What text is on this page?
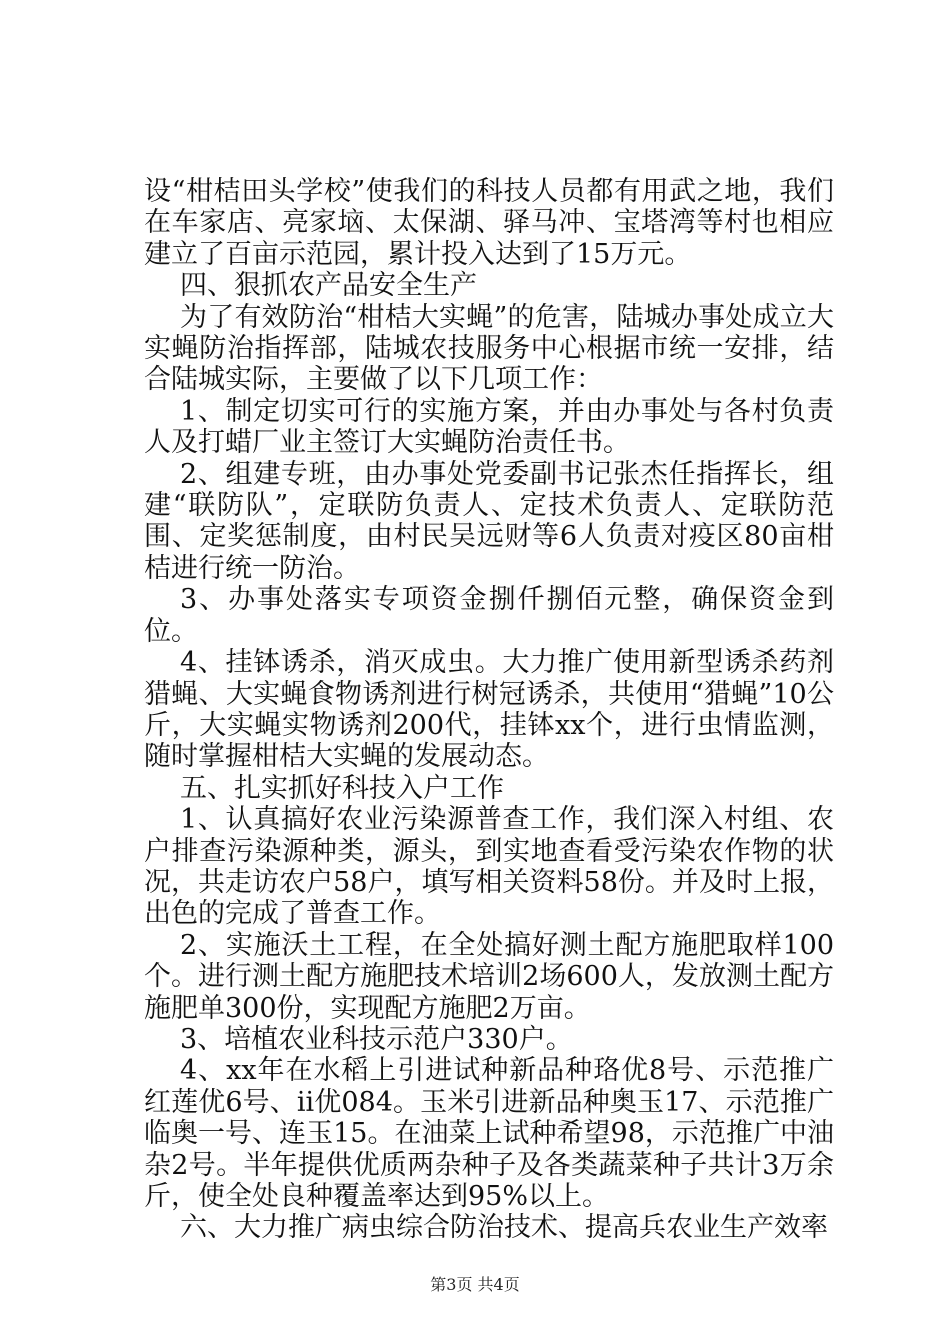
设“柑桔田头学校”使我们的科技人员都有用武之地，我们在车家店、亮家垴、太保湖、驿马冲、宝塔湾等村也相应建立了百亩示范园，累计投入达到了15万元。

四、狠抓农产品安全生产

为了有效防治“柑桔大实蝇”的危害，陆城办事处成立大实蝇防治指挥部，陆城农技服务中心根据市统一安排，结合陆城实际，主要做了以下几项工作：

1、制定切实可行的实施方案，并由办事处与各村负责人及打蜡厂业主签订大实蝇防治责任书。

2、组建专班，由办事处党委副书记张杰任指挥长，组建“联防队”，定联防负责人、定技术负责人、定联防范围、定奖惩制度，由村民吴远财等6人负责对疫区80亩柑桔进行统一防治。

3、办事处落实专项资金捌仟捌佰元整，确保资金到位。

4、挂钵诱杀，消灭成虫。大力推广使用新型诱杀药剂猎蝇、大实蝇食物诱剂进行树冠诱杀，共使用“猎蝇”10公斤，大实蝇实物诱剂200代，挂钵xx个，进行虫情监测，随时掌握柑桔大实蝇的发展动态。

五、扎实抓好科技入户工作

1、认真搞好农业污染源普查工作，我们深入村组、农户排查污染源种类，源头，到实地查看受污染农作物的状况，共走访农户58户，填写相关资料58份。并及时上报，出色的完成了普查工作。

2、实施沃土工程，在全处搞好测土配方施肥取样100个。进行测土配方施肥技术培训2场600人，发放测土配方施肥单300份，实现配方施肥2万亩。

3、培植农业科技示范户330户。

4、xx年在水稻上引进试种新品种珞优8号、示范推广红莲优6号、ii优084。玉米引进新品种奥玉17、示范推广临奥一号、连玉15。在油菜上试种希望98，示范推广中油杂2号。半年提供优质两杂种子及各类蔬菜种子共计3万余斤，使全处良种覆盖率达到95%以上。

六、大力推广病虫综合防治技术、提高兵农业生产效率

第3页 共4页
